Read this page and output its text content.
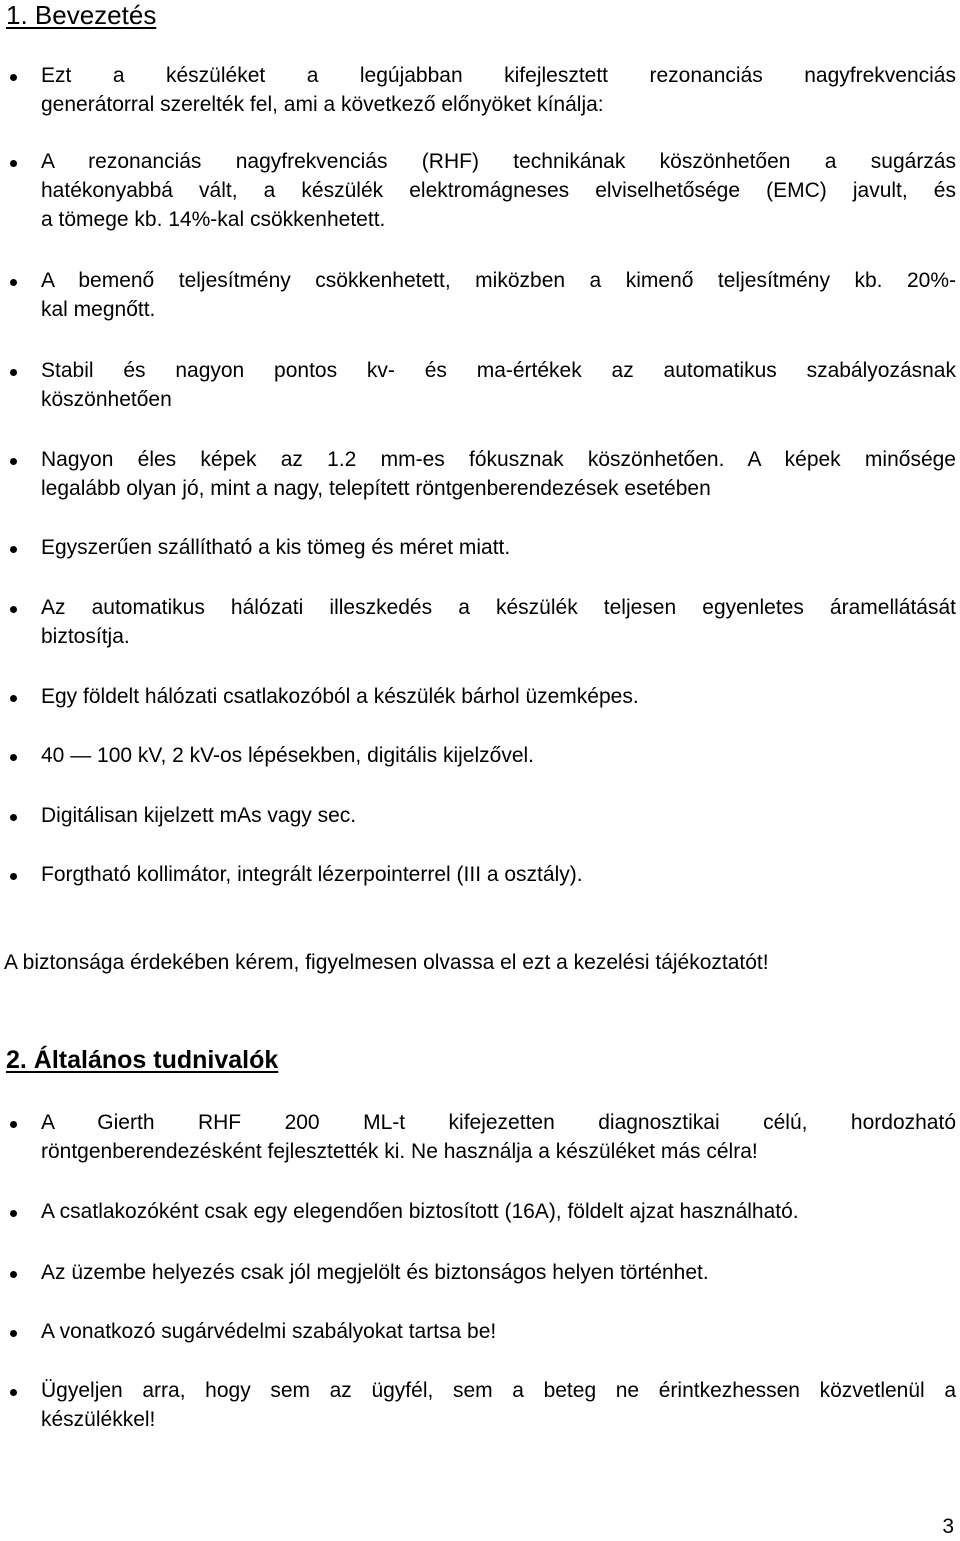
1. Bevezetés
Ezt a készüléket a legújabban kifejlesztett rezonanciás nagyfrekvenciás
generátorral szerelték fel, ami a következő előnyöket kínálja:
A rezonanciás nagyfrekvenciás (RHF) technikának köszönhetően a sugárzás
hatékonyabbá vált, a készülék elektromágneses elviselhetősége (EMC) javult, és
a tömege kb. 14%-kal csökkenhetett.
A bemenő teljesítmény csökkenhetett, miközben a kimenő teljesítmény kb. 20%-
kal megnőtt.
Stabil és nagyon pontos kv- és ma-értékek az automatikus szabályozásnak
köszönhetően
Nagyon éles képek az 1.2 mm-es fókusznak köszönhetően. A képek minősége
legalább olyan jó, mint a nagy, telepített röntgenberendezések esetében
Egyszerűen szállítható a kis tömeg és méret miatt.
Az automatikus hálózati illeszkedés a készülék teljesen egyenletes áramellátását
biztosítja.
Egy földelt hálózati csatlakozóból a készülék bárhol üzemképes.
40 — 100 kV, 2 kV-os lépésekben, digitális kijelzővel.
Digitálisan kijelzett mAs vagy sec.
Forgtható kollimátor, integrált lézerpointerrel (III a osztály).

A biztonsága érdekében kérem, figyelmesen olvassa el ezt a kezelési tájékoztatót!

2. Általános tudnivalók
A Gierth RHF 200 ML-t kifejezetten diagnosztikai célú, hordozható
röntgenberendezésként fejlesztették ki. Ne használja a készüléket más célra!
A csatlakozóként csak egy elegendően biztosított (16A), földelt ajzat használható.
Az üzembe helyezés csak jól megjelölt és biztonságos helyen történhet.
A vonatkozó sugárvédelmi szabályokat tartsa be!
Ügyeljen arra, hogy sem az ügyfél, sem a beteg ne érintkezhessen közvetlenül a
készülékkel!
3
